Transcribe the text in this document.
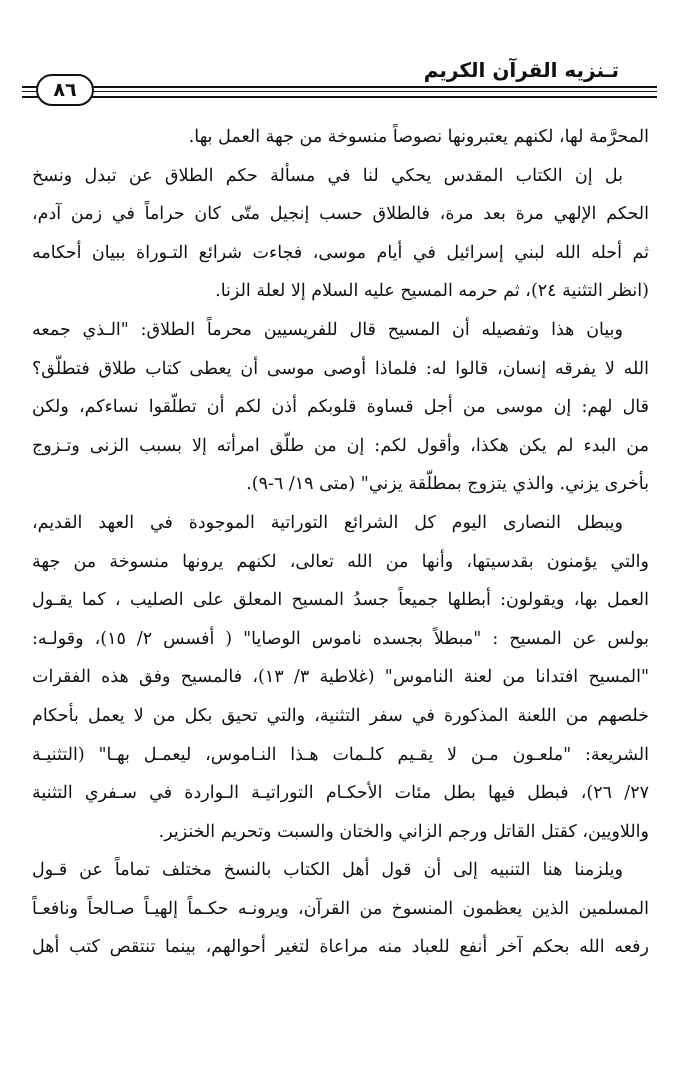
تـنزيه القرآن الكريم
٨٦
المحرَّمة لها، لكنهم يعتبرونها نصوصاً منسوخة من جهة العمل بها.
بل إن الكتاب المقدس يحكي لنا في مسألة حكم الطلاق عن تبدل ونسخ
الحكم الإلهي مرة بعد مرة، فالطلاق حسب إنجيل متّى كان حراماً في زمن آدم،
ثم أحله الله لبني إسرائيل في أيام موسى، فجاءت شرائع التـوراة ببيان أحكامه
(انظر التثنية ٢٤)، ثم حرمه المسيح عليه السلام إلا لعلة الزنا.
وبيان هذا وتفصيله أن المسيح قال للفريسيين محرماً الطلاق: "الـذي جمعه
الله لا يفرقه إنسان، قالوا له: فلماذا أوصى موسى أن يعطى كتاب طلاق فتطلّق؟
قال لهم: إن موسى من أجل قساوة قلوبكم أذن لكم أن تطلّقوا نساءكم، ولكن
من البدء لم يكن هكذا، وأقول لكم: إن من طلّق امرأته إلا بسبب الزنى وتـزوج
بأخرى يزني. والذي يتزوج بمطلّقة يزني" (متى ١٩/ ٦-٩).
ويبطل النصارى اليوم كل الشرائع التوراتية الموجودة في العهد القديم،
والتي يؤمنون بقدسيتها، وأنها من الله تعالى، لكنهم يرونها منسوخة من جهة
العمل بها، ويقولون: أبطلها جميعاً جسدُ المسيح المعلق على الصليب ، كما يقـول
بولس عن المسيح : "مبطلاً بجسده ناموس الوصايا" ( أفسس ٢/ ١٥)، وقولـه:
"المسيح افتدانا من لعنة الناموس" (غلاطية ٣/ ١٣)، فالمسيح وفق هذه الفقرات
خلصهم من اللعنة المذكورة في سفر التثنية، والتي تحيق بكل من لا يعمل بأحكام
الشريعة: "ملعـون مـن لا يقـيم كلـمات هـذا النـاموس، ليعمـل بهـا" (التثنيـة
٢٧/ ٢٦)، فبطل فيها بطل مئات الأحكـام التوراتيـة الـواردة في سـفري التثنية
واللاويين، كقتل القاتل ورجم الزاني والختان والسبت وتحريم الخنزير.
ويلزمنا هنا التنبيه إلى أن قول أهل الكتاب بالنسخ مختلف تماماً عن قـول
المسلمين الذين يعظمون المنسوخ من القرآن، ويرونـه حكـماً إلهيـاً صـالحاً ونافعـاً
رفعه الله بحكم آخر أنفع للعباد منه مراعاة لتغير أحوالهم، بينما تنتقص كتب أهل
